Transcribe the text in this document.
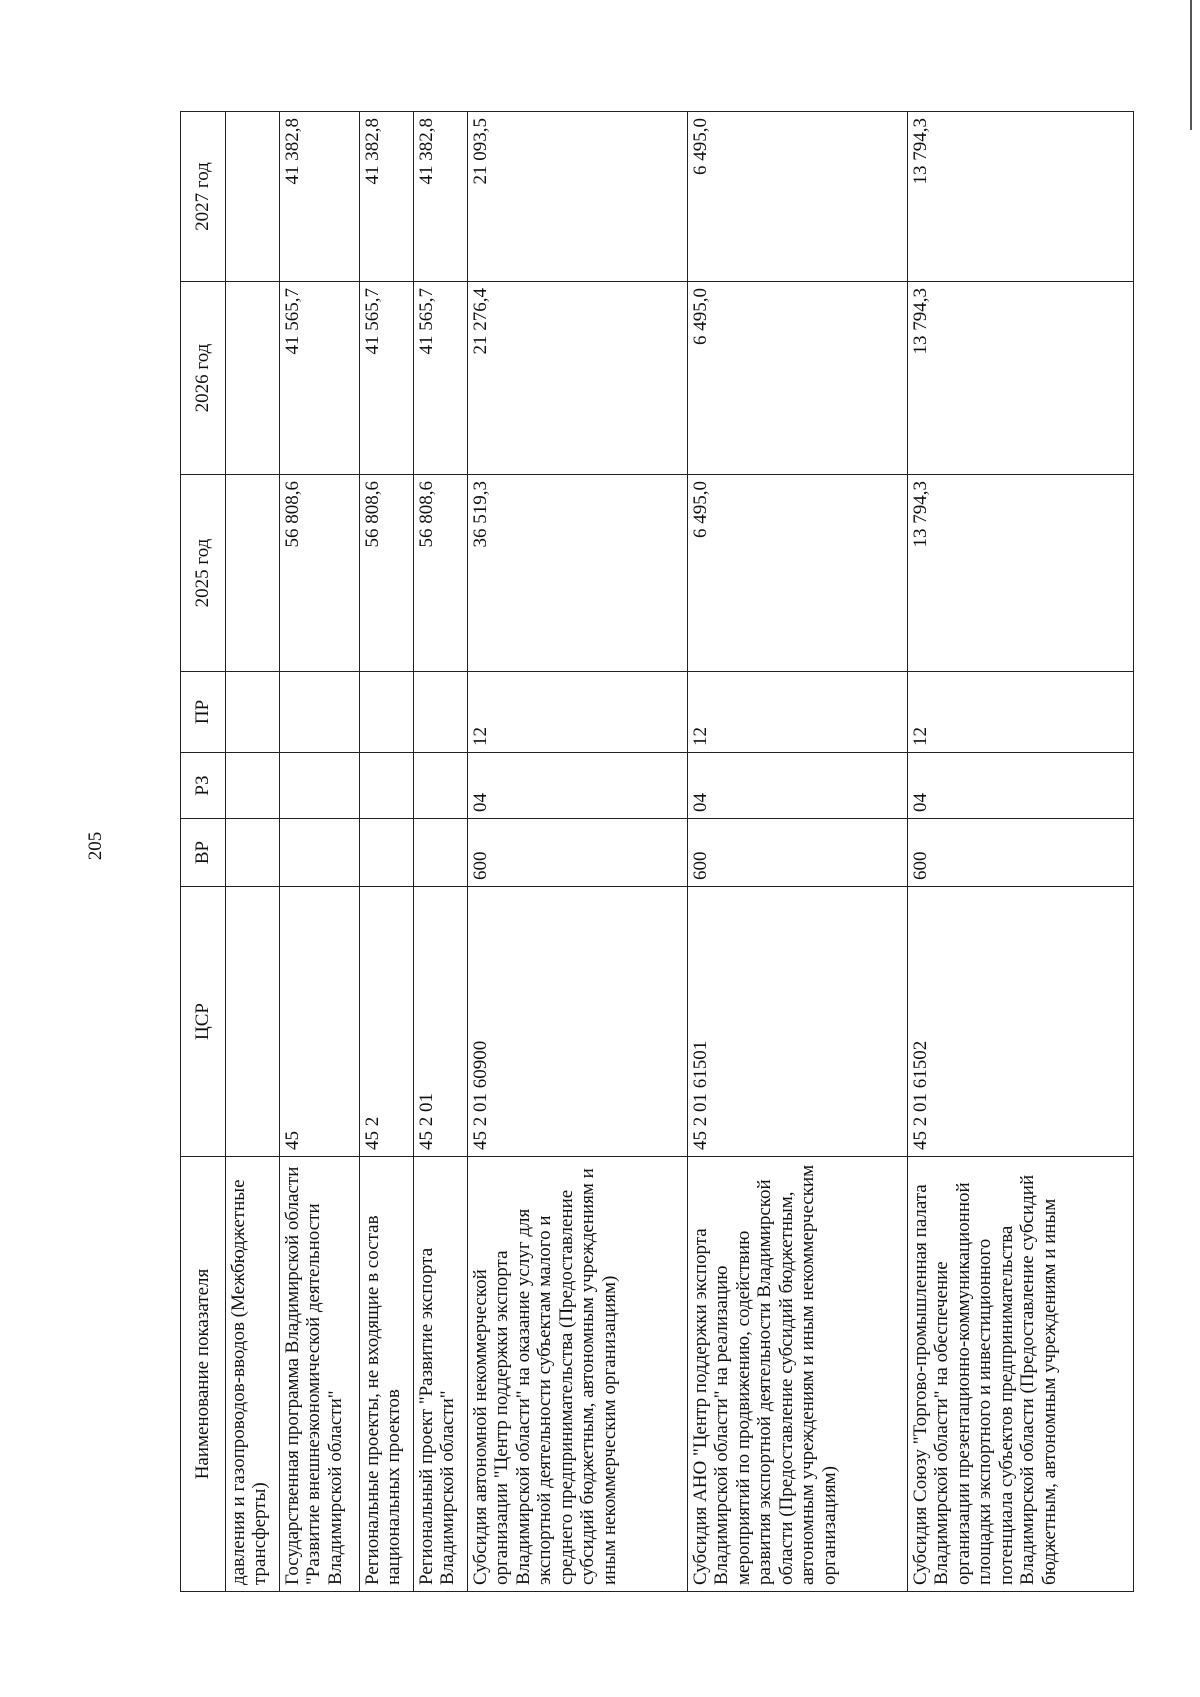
205
Наименование показателя	ЦСР	ВР	РЗ	ПР	2025 год	2026 год	2027 год
давления и газопроводов-вводов (Межбюджетные трансферты)							
Государственная программа Владимирской области "Развитие внешнеэкономической деятельности Владимирской области"	45				56 808,6	41 565,7	41 382,8
Региональные проекты, не входящие в состав национальных проектов	45 2				56 808,6	41 565,7	41 382,8
Региональный проект "Развитие экспорта Владимирской области"	45 2 01				56 808,6	41 565,7	41 382,8
Субсидия автономной некоммерческой организации "Центр поддержки экспорта Владимирской области" на оказание услуг для экспортной деятельности субъектам малого и среднего предпринимательства (Предоставление субсидий бюджетным, автономным учреждениям и иным некоммерческим организациям)	45 2 01 60900	600	04	12	36 519,3	21 276,4	21 093,5
Субсидия АНО "Центр поддержки экспорта Владимирской области" на реализацию мероприятий по продвижению, содействию развития экспортной деятельности Владимирской области (Предоставление субсидий бюджетным, автономным учреждениям и иным некоммерческим организациям)	45 2 01 61501	600	04	12	6 495,0	6 495,0	6 495,0
Субсидия Союзу "Торгово-промышленная палата Владимирской области" на обеспечение организации презентационно-коммуникационной площадки экспортного и инвестиционного потенциала субъектов предпринимательства Владимирской области (Предоставление субсидий бюджетным, автономным учреждениям и иным	45 2 01 61502	600	04	12	13 794,3	13 794,3	13 794,3
